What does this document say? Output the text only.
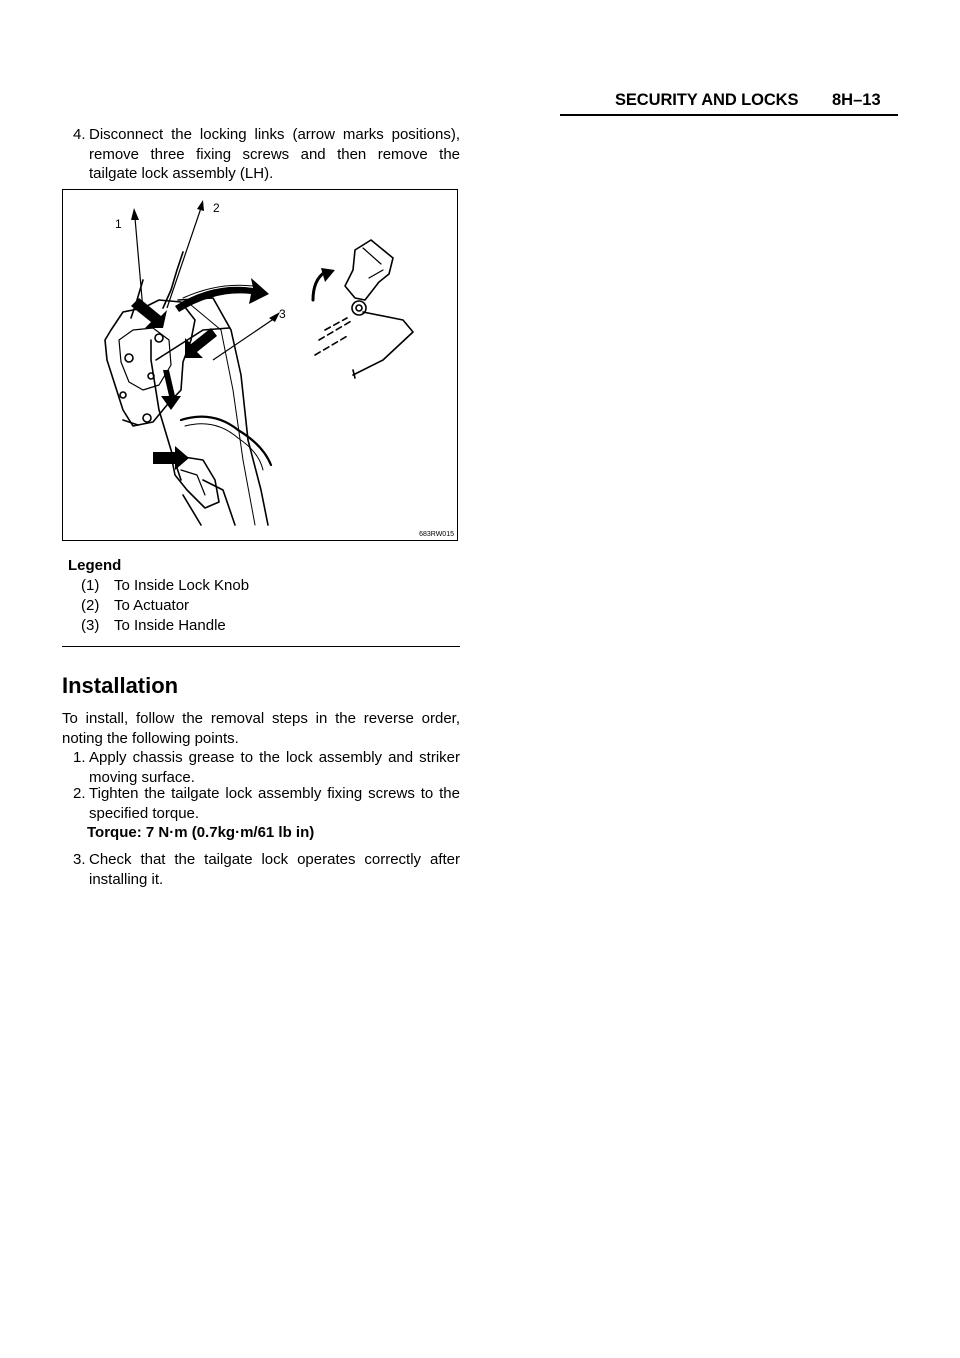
SECURITY AND LOCKS 8H–13
4. Disconnect the locking links (arrow marks positions), remove three fixing screws and then remove the tailgate lock assembly (LH).
1
2
3
683RW015
Legend
(1) To Inside Lock Knob
(2) To Actuator
(3) To Inside Handle
Installation
To install, follow the removal steps in the reverse order, noting the following points.
1. Apply chassis grease to the lock assembly and striker moving surface.
2. Tighten the tailgate lock assembly fixing screws to the specified torque.
Torque: 7 N·m (0.7kg·m/61 lb in)
3. Check that the tailgate lock operates correctly after installing it.
